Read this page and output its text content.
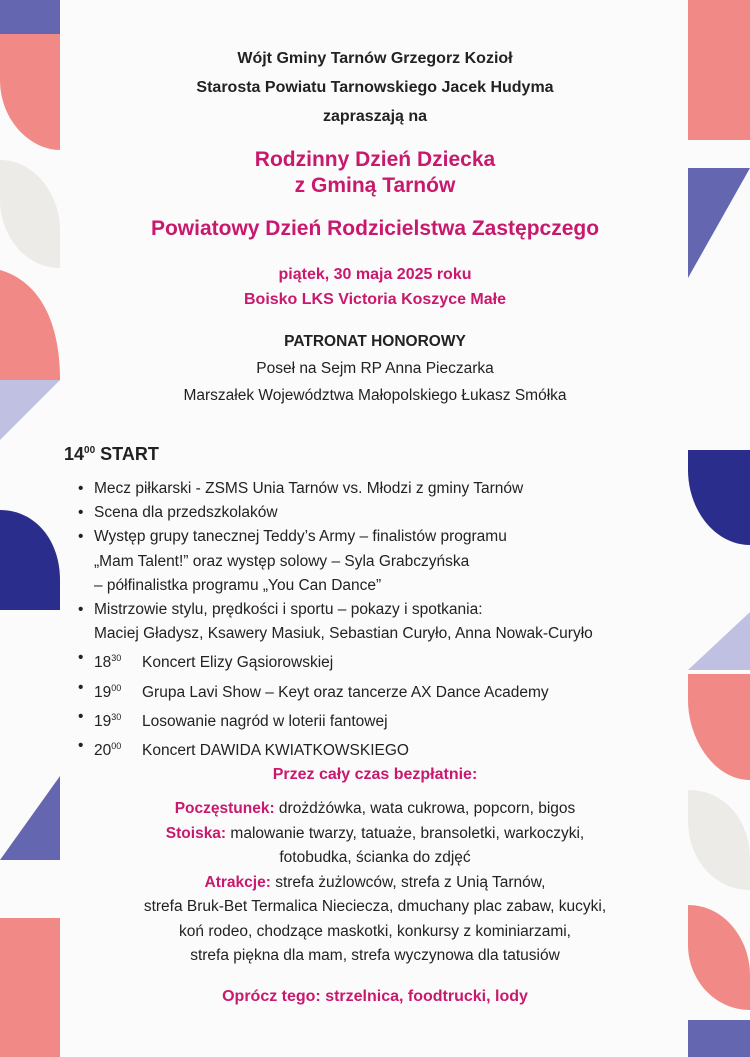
Wójt Gminy Tarnów Grzegorz Kozioł
Starosta Powiatu Tarnowskiego Jacek Hudyma
zapraszają na
Rodzinny Dzień Dziecka
z Gminą Tarnów
Powiatowy Dzień Rodzicielstwa Zastępczego
piątek, 30 maja 2025 roku
Boisko LKS Victoria Koszyce Małe
PATRONAT HONOROWY
Poseł na Sejm RP Anna Pieczarka
Marszałek Województwa Małopolskiego Łukasz Smółka
$14^{00}$ START
• Mecz piłkarski - ZSMS Unia Tarnów vs. Młodzi z gminy Tarnów
• Scena dla przedszkolaków
• Występ grupy tanecznej Teddy’s Army – finalistów programu
„Mam Talent!” oraz występ solowy – Syla Grabczyńska
– półfinalistka programu „You Can Dance”
• Mistrzowie stylu, prędkości i sportu – pokazy i spotkania:
Maciej Gładysz, Ksawery Masiuk, Sebastian Curyło, Anna Nowak-Curyło
• $18^{30}$ Koncert Elizy Gąsiorowskiej
• $19^{00}$ Grupa Lavi Show – Keyt oraz tancerze AX Dance Academy
• $19^{30}$ Losowanie nagród w loterii fantowej
• $20^{00}$ Koncert DAWIDA KWIATKOWSKIEGO
Przez cały czas bezpłatnie:
Poczęstunek: drożdżówka, wata cukrowa, popcorn, bigos
Stoiska: malowanie twarzy, tatuaże, bransoletki, warkoczyki,
fotobudka, ścianka do zdjęć
Atrakcje: strefa żużlowców, strefa z Unią Tarnów,
strefa Bruk-Bet Termalica Nieciecza, dmuchany plac zabaw, kucyki,
koń rodeo, chodzące maskotki, konkursy z kominiarzami,
strefa piękna dla mam, strefa wyczynowa dla tatusiów
Oprócz tego: strzelnica, foodtrucki, lody
